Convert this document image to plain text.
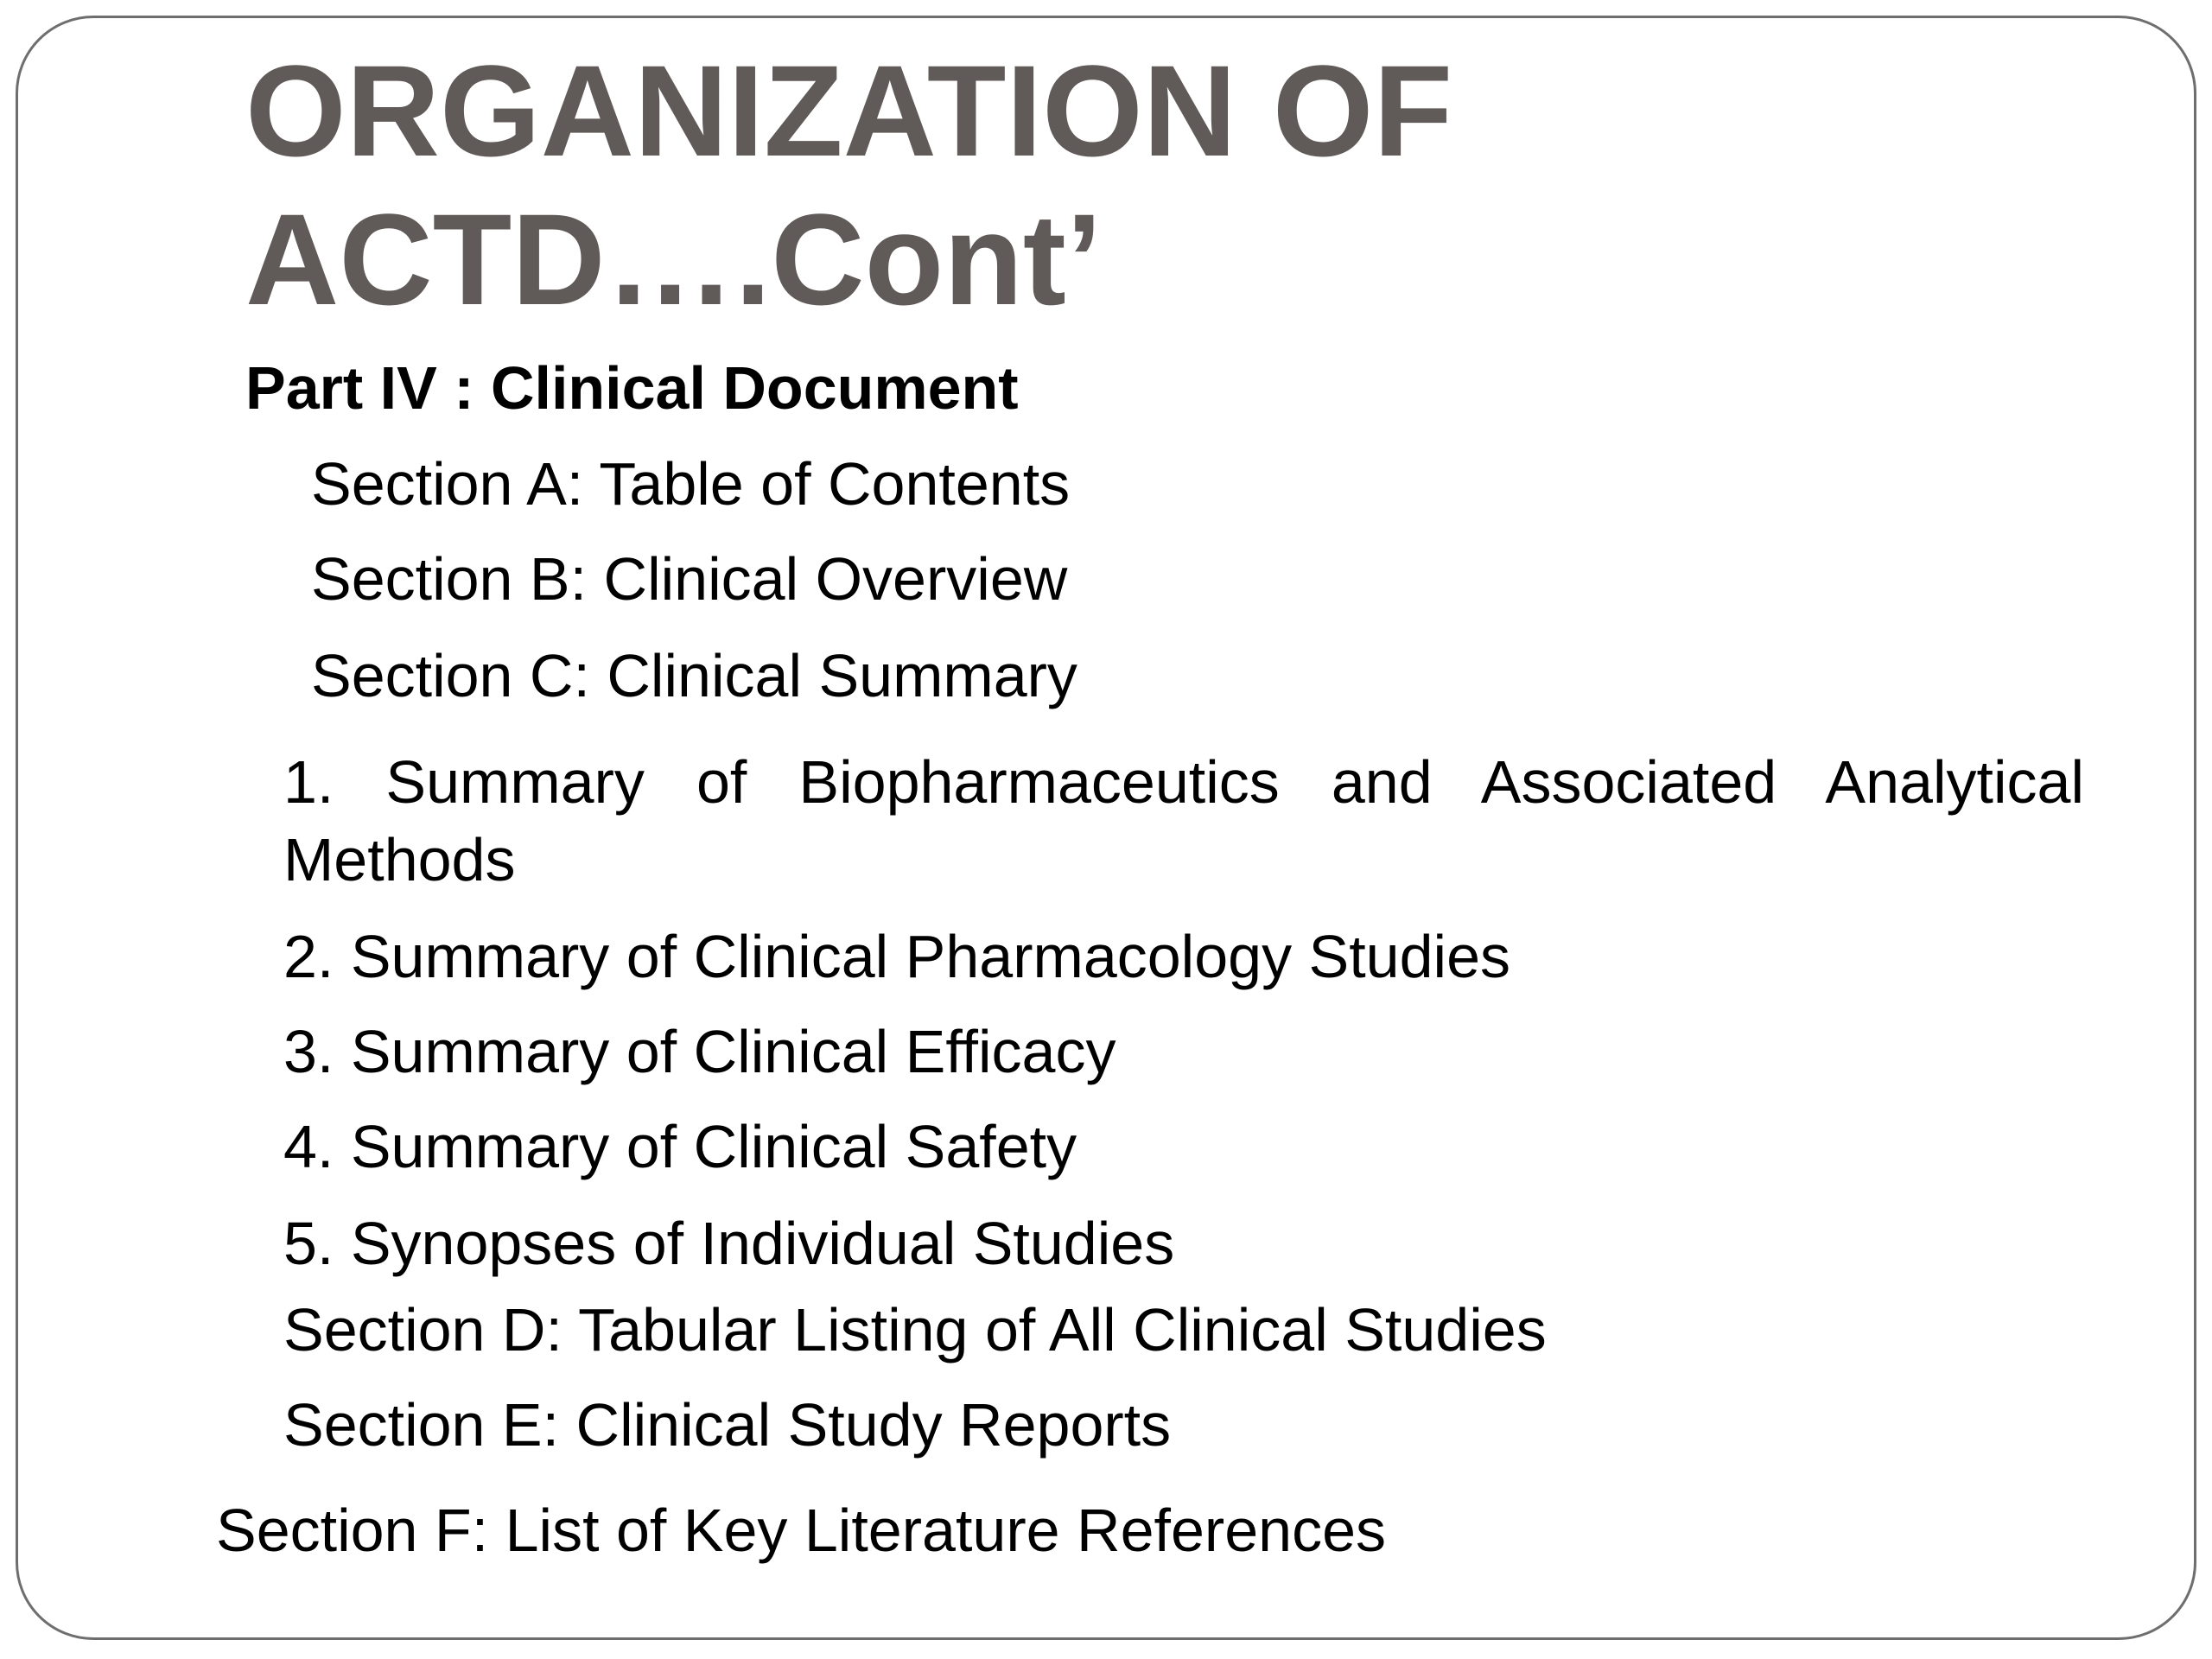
ORGANIZATION OF
ACTD….Cont’

Part IV : Clinical Document

Section A: Table of Contents

Section B: Clinical Overview

Section C: Clinical Summary

1. Summary of Biopharmaceutics and Associated Analytical Methods

2. Summary of Clinical Pharmacology Studies

3. Summary of Clinical Efficacy

4. Summary of Clinical Safety

5. Synopses of Individual Studies

Section D: Tabular Listing of All Clinical Studies

Section E: Clinical Study Reports

Section F: List of Key Literature References
